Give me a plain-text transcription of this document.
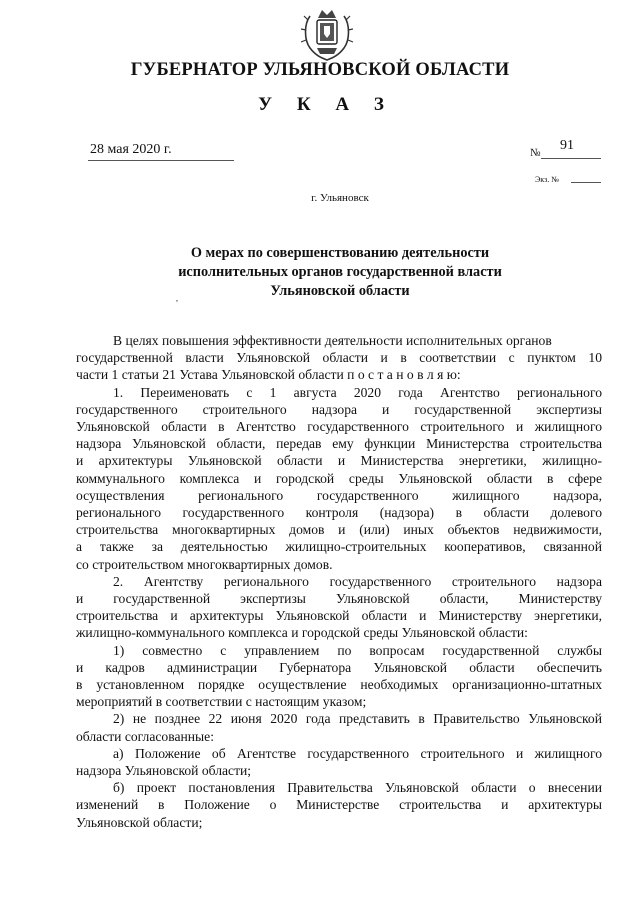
ГУБЕРНАТОР УЛЬЯНОВСКОЙ ОБЛАСТИ
У К А З
28 мая 2020 г.	№ 91
Экз. №
г. Ульяновск
О мерах по совершенствованию деятельности
исполнительных органов государственной власти
Ульяновской области
,
В целях повышения эффективности деятельности исполнительных органов
государственной власти Ульяновской области и в соответствии с пунктом 10
части 1 статьи 21 Устава Ульяновской области п о с т а н о в л я ю:
1. Переименовать с 1 августа 2020 года Агентство регионального
государственного строительного надзора и государственной экспертизы
Ульяновской области в Агентство государственного строительного и жилищного
надзора Ульяновской области, передав ему функции Министерства строительства
и архитектуры Ульяновской области и Министерства энергетики, жилищно-
коммунального комплекса и городской среды Ульяновской области в сфере
осуществления регионального государственного жилищного надзора,
регионального государственного контроля (надзора) в области долевого
строительства многоквартирных домов и (или) иных объектов недвижимости,
а также за деятельностью жилищно-строительных кооперативов, связанной
со строительством многоквартирных домов.
2. Агентству регионального государственного строительного надзора
и государственной экспертизы Ульяновской области, Министерству
строительства и архитектуры Ульяновской области и Министерству энергетики,
жилищно-коммунального комплекса и городской среды Ульяновской области:
1) совместно с управлением по вопросам государственной службы
и кадров администрации Губернатора Ульяновской области обеспечить
в установленном порядке осуществление необходимых организационно-штатных
мероприятий в соответствии с настоящим указом;
2) не позднее 22 июня 2020 года представить в Правительство Ульяновской
области согласованные:
а) Положение об Агентстве государственного строительного и жилищного
надзора Ульяновской области;
б) проект постановления Правительства Ульяновской области о внесении
изменений в Положение о Министерстве строительства и архитектуры
Ульяновской области;
